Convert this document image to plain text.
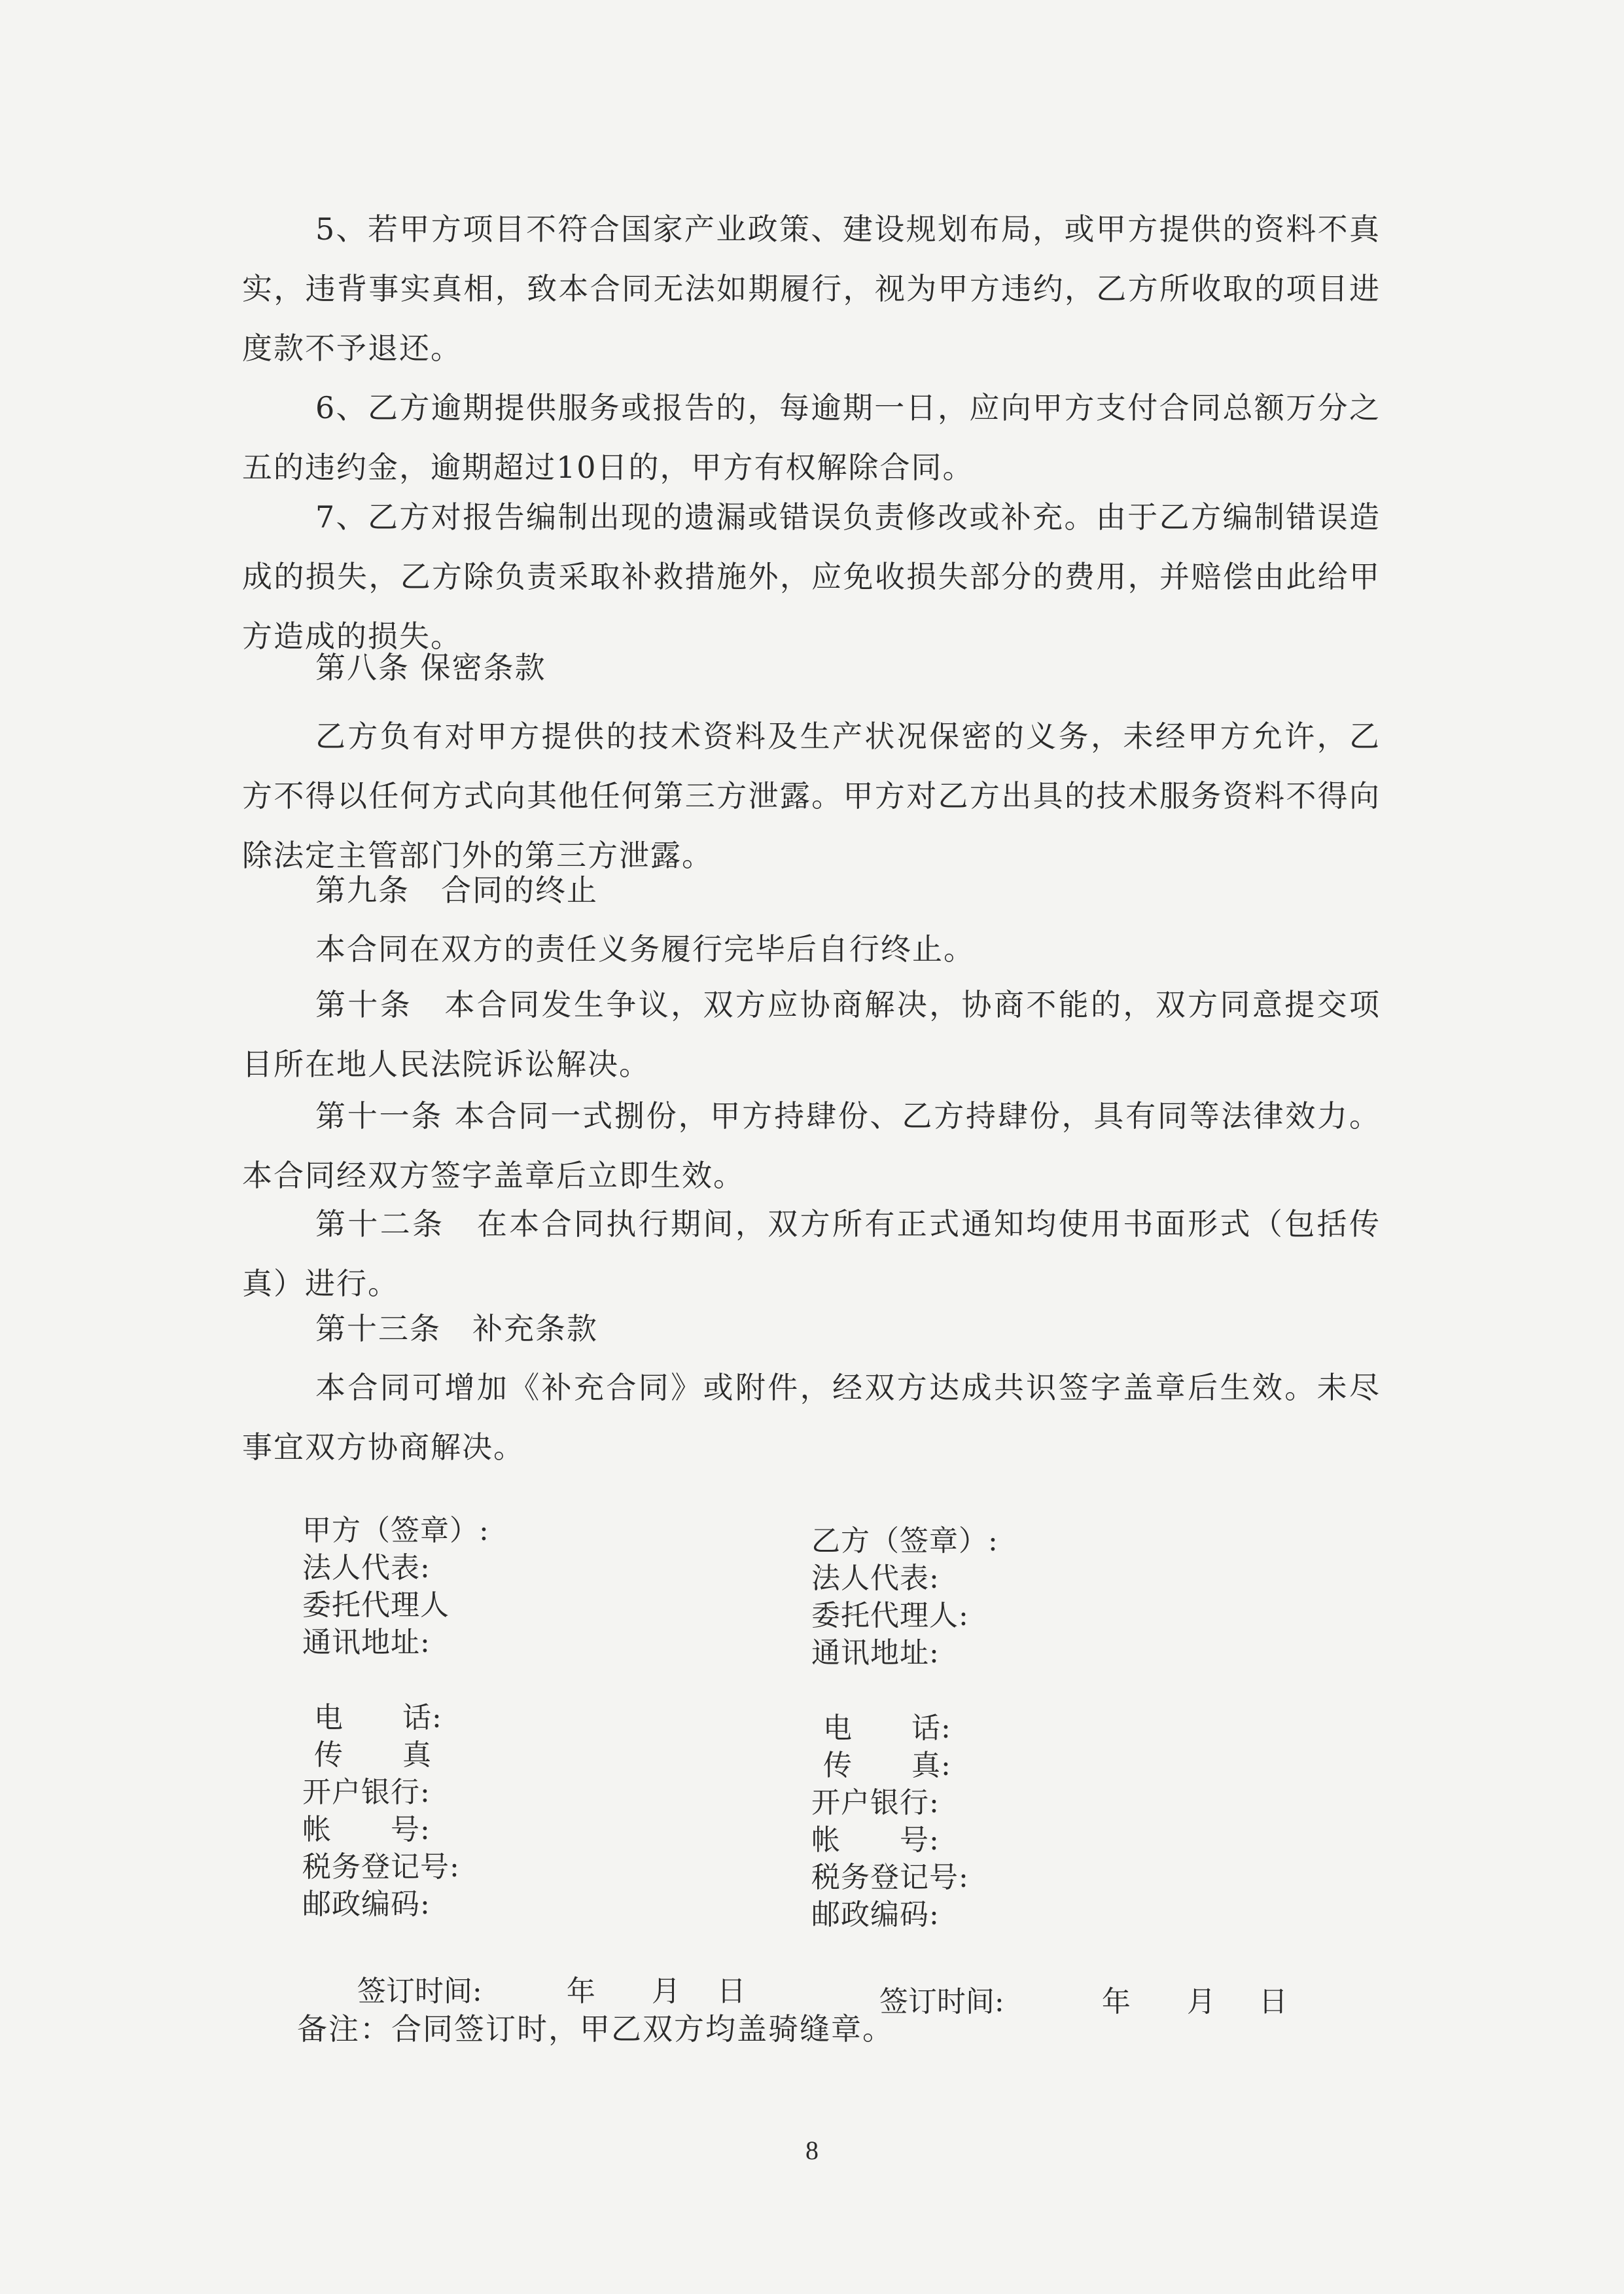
5、若甲方项目不符合国家产业政策、建设规划布局，或甲方提供的资料不真实，违背事实真相，致本合同无法如期履行，视为甲方违约，乙方所收取的项目进度款不予退还。

6、乙方逾期提供服务或报告的，每逾期一日，应向甲方支付合同总额万分之五的违约金，逾期超过10日的，甲方有权解除合同。

7、乙方对报告编制出现的遗漏或错误负责修改或补充。由于乙方编制错误造成的损失，乙方除负责采取补救措施外，应免收损失部分的费用，并赔偿由此给甲方造成的损失。

第八条 保密条款

乙方负有对甲方提供的技术资料及生产状况保密的义务，未经甲方允许，乙方不得以任何方式向其他任何第三方泄露。甲方对乙方出具的技术服务资料不得向除法定主管部门外的第三方泄露。

第九条　合同的终止

本合同在双方的责任义务履行完毕后自行终止。

第十条　本合同发生争议，双方应协商解决，协商不能的，双方同意提交项目所在地人民法院诉讼解决。

第十一条 本合同一式捌份，甲方持肆份、乙方持肆份，具有同等法律效力。本合同经双方签字盖章后立即生效。

第十二条　在本合同执行期间，双方所有正式通知均使用书面形式（包括传真）进行。

第十三条　补充条款

本合同可增加《补充合同》或附件，经双方达成共识签字盖章后生效。未尽事宜双方协商解决。

甲方（签章）:
法人代表:
委托代理人
通讯地址:
电　　话:
传　　真
开户银行:
帐　　号:
税务登记号:
邮政编码:

签订时间:	年 月 日

乙方（签章）:
法人代表:
委托代理人:
通讯地址:
电　　话:
传　　真:
开户银行:
帐　　号:
税务登记号:
邮政编码:

签订时间:	年 月 日

备注：合同签订时，甲乙双方均盖骑缝章。
8
